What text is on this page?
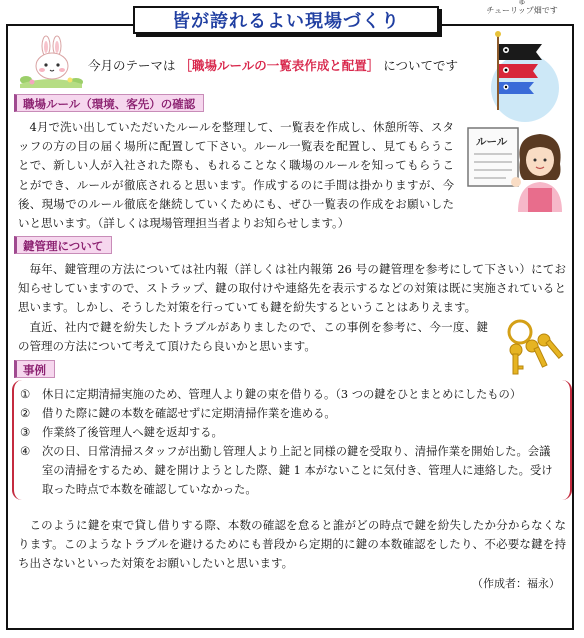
ゅ
チューリップ畑です
皆が誇れるよい現場づくり
今月のテーマは ［職場ルールの一覧表作成と配置］ についてです
職場ルール（環境、客先）の確認

4月で洗い出していただいたルールを整理して、一覧表を作成し、休憩所等、スタッフの方の目の届く場所に配置して下さい。ルール一覧表を配置し、見てもらうことで、新しい人が入社された際も、もれることなく職場のルールを知ってもらうことができ、ルールが徹底されると思います。作成するのに手間は掛かりますが、今後、現場でのルール徹底を継続していくためにも、ぜひ一覧表の作成をお願いしたいと思います。（詳しくは現場管理担当者よりお知らせします。）

ルール
鍵管理について

毎年、鍵管理の方法については社内報（詳しくは社内報第 26 号の鍵管理を参考にして下さい）にてお知らせしていますので、ストラップ、鍵の取付けや連絡先を表示するなどの対策は既に実施されていると思います。しかし、そうした対策を行っていても鍵を紛失するということはありえます。

直近、社内で鍵を紛失したトラブルがありましたので、この事例を参考に、今一度、鍵の管理の方法について考えて頂けたら良いかと思います。

事例
①	休日に定期清掃実施のため、管理人より鍵の束を借りる。（3 つの鍵をひとまとめにしたもの）
②	借りた際に鍵の本数を確認せずに定期清掃作業を進める。
③	作業終了後管理人へ鍵を返却する。
④	次の日、日常清掃スタッフが出勤し管理人より上記と同様の鍵を受取り、清掃作業を開始した。会議室の清掃をするため、鍵を開けようとした際、鍵 1 本がないことに気付き、管理人に連絡した。受け取った時点で本数を確認していなかった。

このように鍵を束で貸し借りする際、本数の確認を怠ると誰がどの時点で鍵を紛失したか分からなくなります。このようなトラブルを避けるためにも普段から定期的に鍵の本数確認をしたり、不必要な鍵を持ち出さないといった対策をお願いしたいと思います。

（作成者：福永）
